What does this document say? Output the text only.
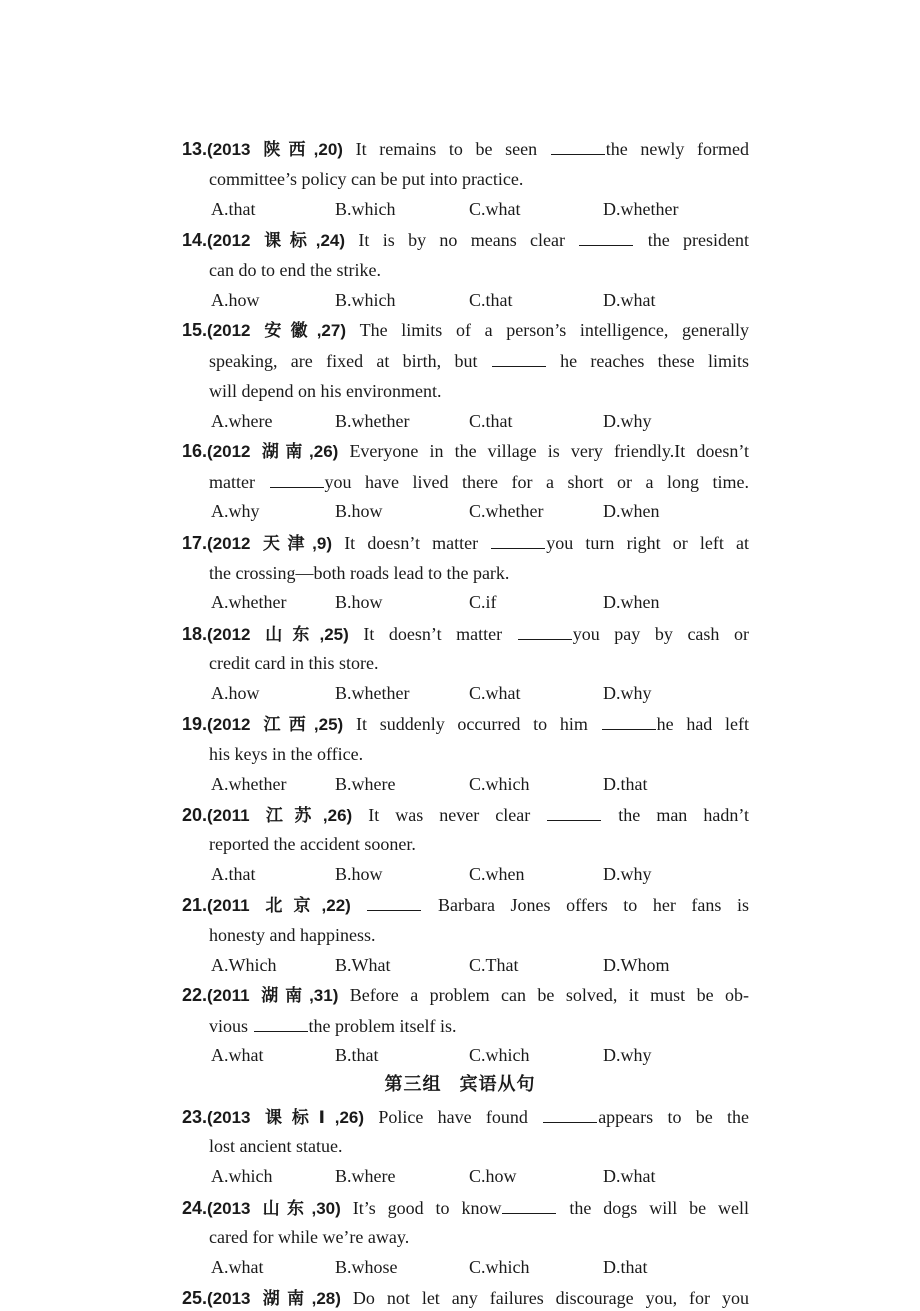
13.(2013 陕西,20) It remains to be seen	the newly formed
committee’s policy can be put into practice.
A.that	B.which	C.what	D.whether
14.(2012 课标,24) It is by no means clear	the president
can do to end the strike.
A.how	B.which	C.that	D.what
15.(2012 安徽,27) The limits of a person’s intelligence, generally
speaking, are fixed at birth, but	he reaches these limits
will depend on his environment.
A.where	B.whether	C.that	D.why
16.(2012 湖南,26) Everyone in the village is very friendly.It doesn’t
matter	you have lived there for a short or a long time.
A.why	B.how	C.whether	D.when
17.(2012 天津,9) It doesn’t matter	you turn right or left at
the crossing—both roads lead to the park.
A.whether	B.how	C.if	D.when
18.(2012 山东,25) It doesn’t matter	you pay by cash or
credit card in this store.
A.how	B.whether	C.what	D.why
19.(2012 江西,25) It suddenly occurred to him	he had left
his keys in the office.
A.whether	B.where	C.which	D.that
20.(2011 江苏,26) It was never clear	the man hadn’t
reported the accident sooner.
A.that	B.how	C.when	D.why
21.(2011 北京,22)	Barbara Jones offers to her fans is
honesty and happiness.
A.Which	B.What	C.That	D.Whom
22.(2011 湖南,31) Before a problem can be solved, it must be ob-
vious	the problem itself is.
A.what	B.that	C.which	D.why
第三组 宾语从句
23.(2013 课标Ⅰ,26) Police have found	appears to be the
lost ancient statue.
A.which	B.where	C.how	D.what
24.(2013 山东,30) It’s good to know	the dogs will be well
cared for while we’re away.
A.what	B.whose	C.which	D.that
25.(2013 湖南,28) Do not let any failures discourage you, for you
